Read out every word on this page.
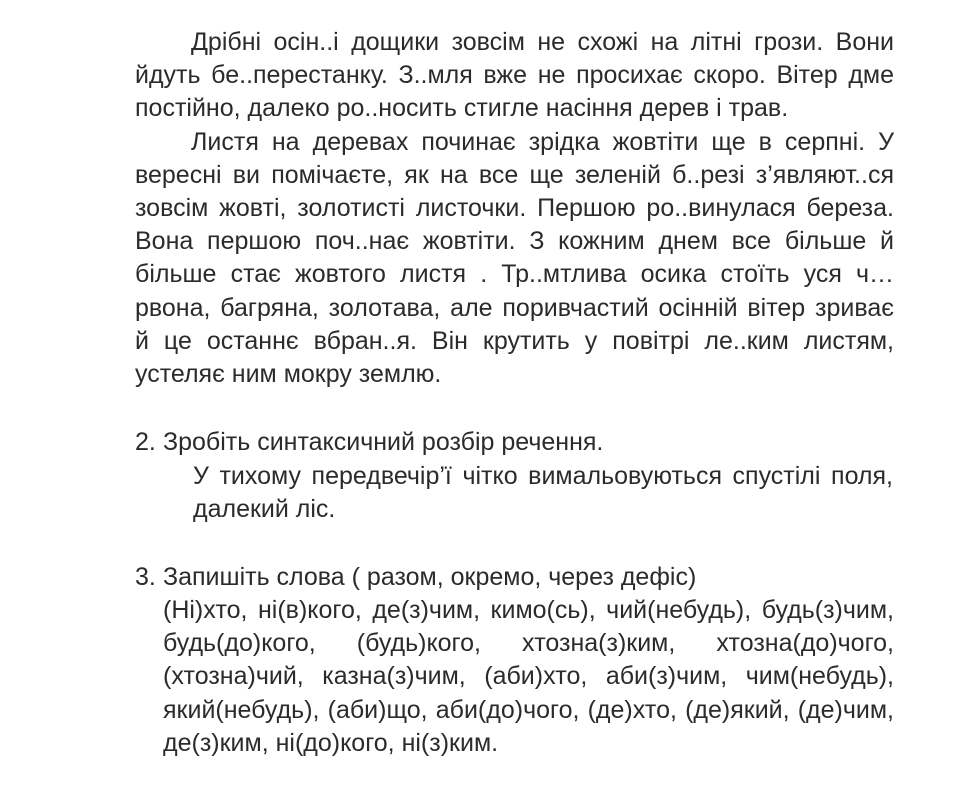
Дрібні осін..і дощики зовсім не схожі на літні грози. Вони йдуть бе..перестанку. З..мля вже не просихає скоро. Вітер дме постійно, далеко ро..носить стигле насіння дерев і трав.

Листя на деревах починає зрідка жовтіти ще в серпні. У вересні ви помічаєте, як на все ще зеленій б..резі з’являют..ся зовсім жовті, золотисті листочки. Першою ро..винулася береза. Вона першою поч..нає жовтіти. З кожним днем все більше й більше стає жовтого листя . Тр..мтлива осика стоїть уся ч…рвона, багряна, золотава, але поривчастий осінній вітер зриває й це останнє вбран..я. Він крутить у повітрі ле..ким листям, устеляє ним мокру землю.

2. Зробіть синтаксичний розбір речення.
У тихому передвечір’ї чітко вимальовуються спустілі поля, далекий ліс.
3. Запишіть слова ( разом, окремо, через дефіс)
(Ні)хто, ні(в)кого, де(з)чим, кимо(сь), чий(небудь), будь(з)чим, будь(до)кого, (будь)кого, хтозна(з)ким, хтозна(до)чого, (хтозна)чий, казна(з)чим, (аби)хто, аби(з)чим, чим(небудь), який(небудь), (аби)що, аби(до)чого, (де)хто, (де)який, (де)чим, де(з)ким, ні(до)кого, ні(з)ким.
